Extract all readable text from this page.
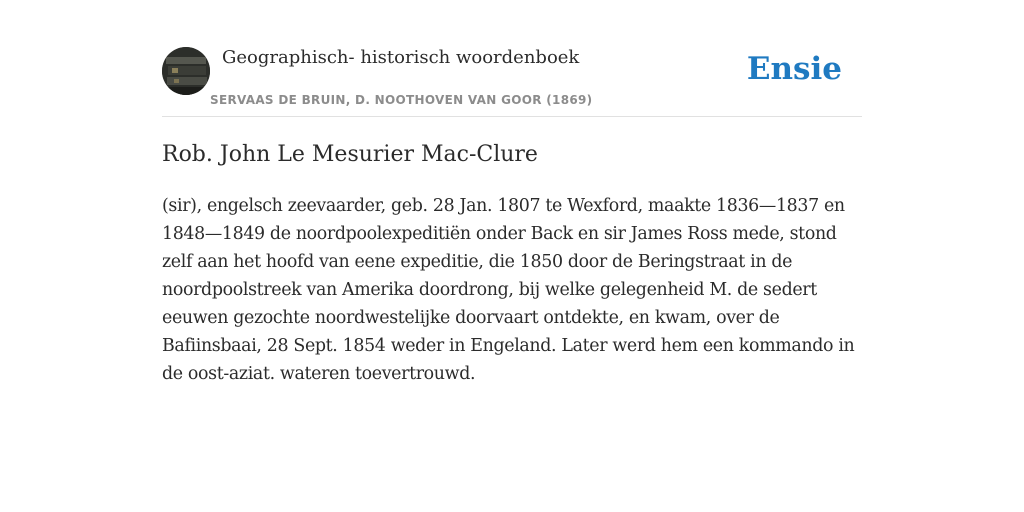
Geographisch- historisch woordenboek
SERVAAS DE BRUIN, D. NOOTHOVEN VAN GOOR (1869)
Ensie
Rob. John Le Mesurier Mac-Clure

(sir), engelsch zeevaarder, geb. 28 Jan. 1807 te Wexford, maakte 1836—1837 en 1848—1849 de noordpoolexpeditiën onder Back en sir James Ross mede, stond zelf aan het hoofd van eene expeditie, die 1850 door de Beringstraat in de noordpoolstreek van Amerika doordrong, bij welke gelegenheid M. de sedert eeuwen gezochte noordwestelijke doorvaart ontdekte, en kwam, over de Bafiinsbaai, 28 Sept. 1854 weder in Engeland. Later werd hem een kommando in de oost-aziat. wateren toevertrouwd.
